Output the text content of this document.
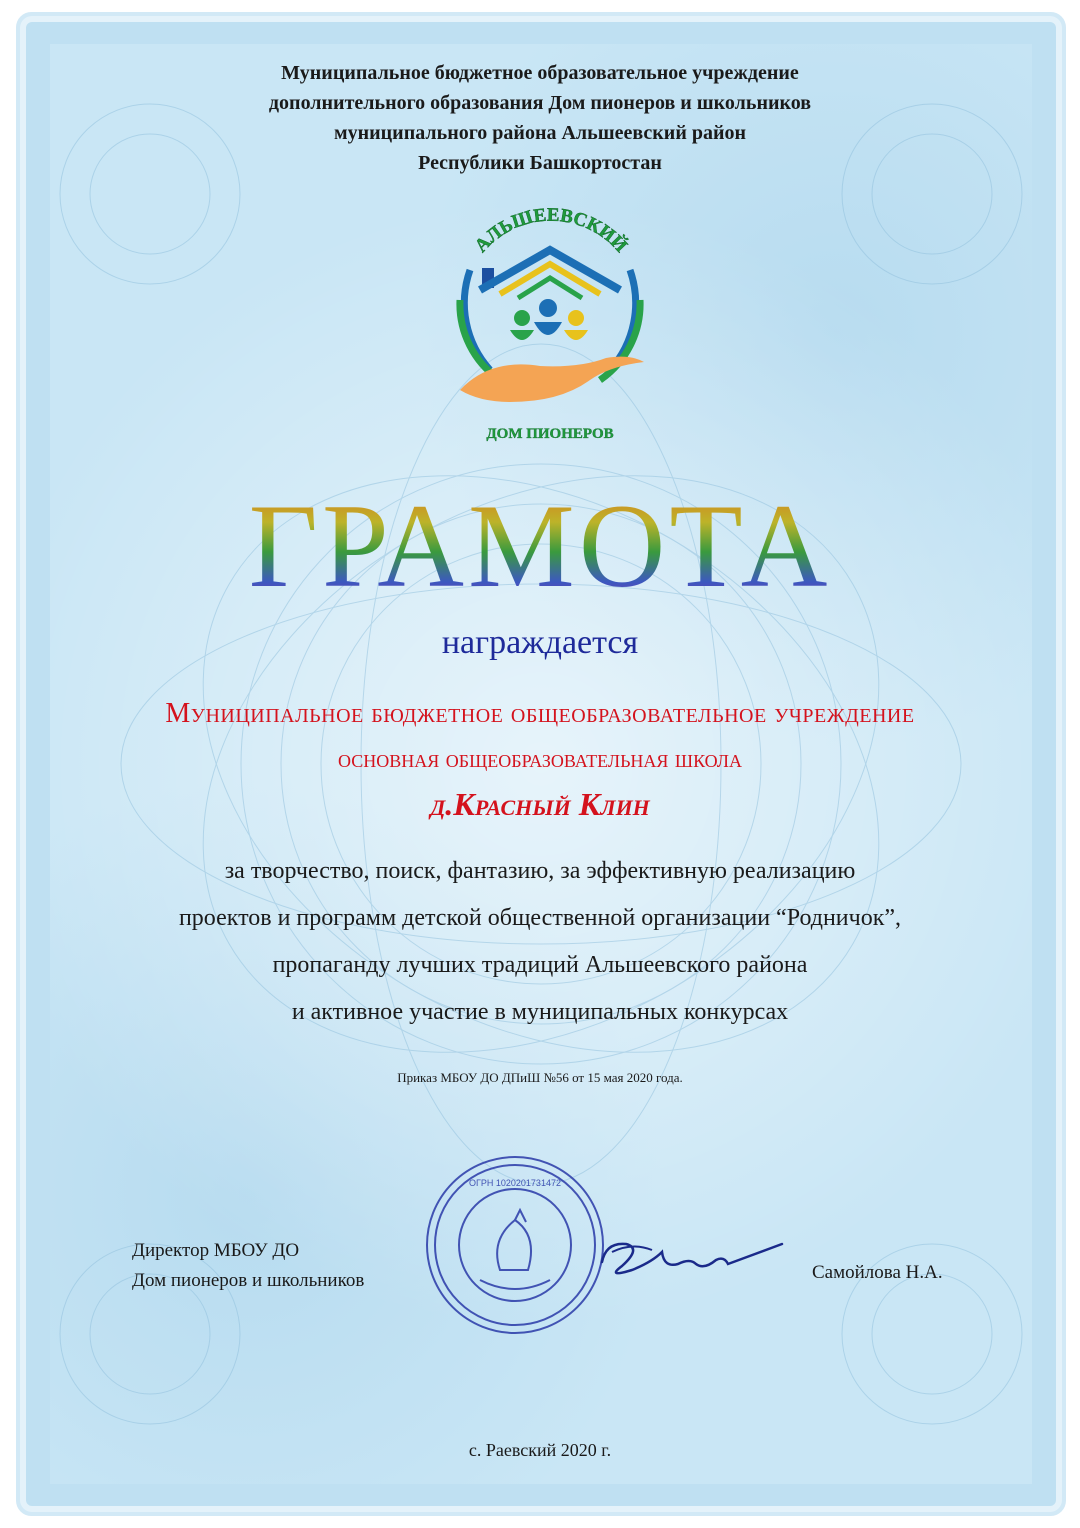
Муниципальное бюджетное образовательное учреждение
дополнительного образования Дом пионеров и школьников
муниципального района Альшеевский район
Республики Башкортостан
АЛЬШЕЕВСКИЙ
ДОМ ПИОНЕРОВ
ГРАМОТА
награждается
Муниципальное бюджетное общеобразовательное учреждение
основная общеобразовательная школа
д.Красный Клин
за творчество, поиск, фантазию, за эффективную реализацию
проектов и программ детской общественной организации “Родничок”,
пропаганду лучших традиций Альшеевского района
и активное участие в муниципальных конкурсах
Директор МБОУ ДО
Дом пионеров и школьников
ОГРН 1020201731472
Самойлова Н.А.
Приказ МБОУ ДО ДПиШ №56 от 15 мая 2020 года.
с. Раевский 2020 г.
